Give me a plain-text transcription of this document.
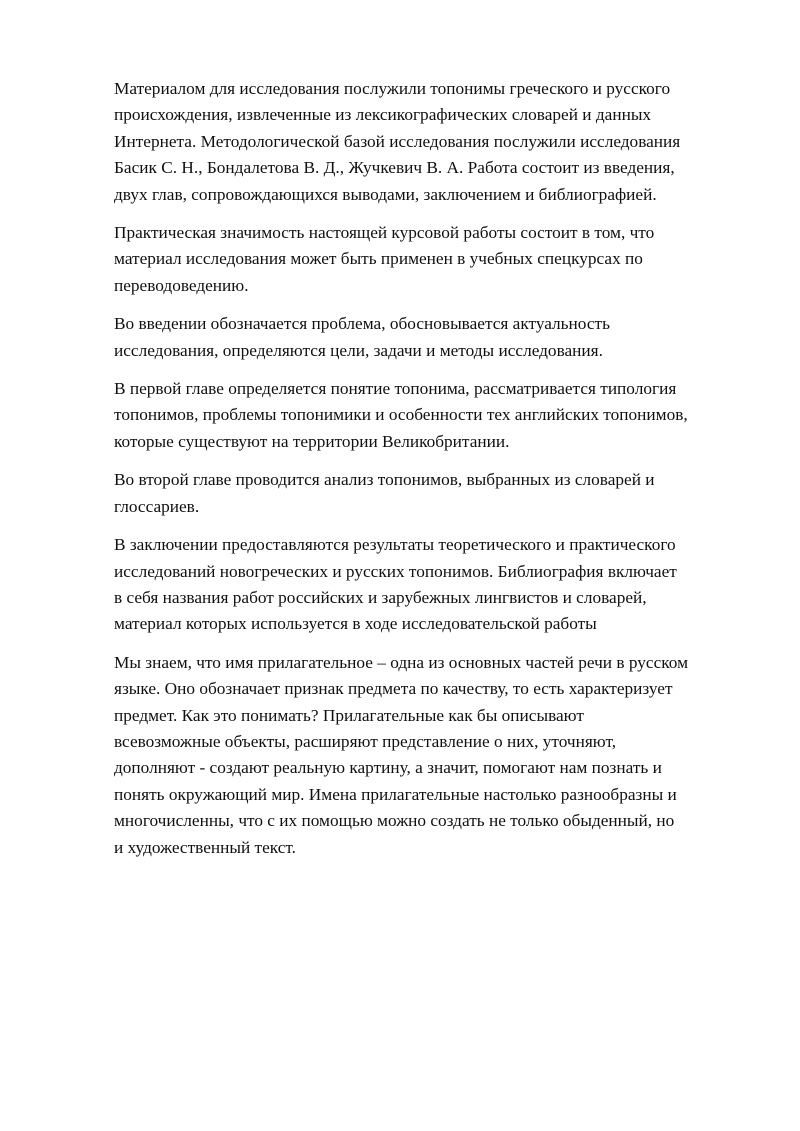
Материалом для исследования послужили топонимы греческого и русского
происхождения, извлеченные из лексикографических словарей и данных
Интернета. Методологической базой исследования послужили исследования
Басик С. Н., Бондалетова В. Д., Жучкевич В. А. Работа состоит из введения,
двух глав, сопровождающихся выводами, заключением и библиографией.

Практическая значимость настоящей курсовой работы состоит в том, что
материал исследования может быть применен в учебных спецкурсах по
переводоведению.

Во введении обозначается проблема, обосновывается актуальность
исследования, определяются цели, задачи и методы исследования.

В первой главе определяется понятие топонима, рассматривается типология
топонимов, проблемы топонимики и особенности тех английских топонимов,
которые существуют на территории Великобритании.

Во второй главе проводится анализ топонимов, выбранных из словарей и
глоссариев.

В заключении предоставляются результаты теоретического и практического
исследований новогреческих и русских топонимов. Библиография включает
в себя названия работ российских и зарубежных лингвистов и словарей,
материал которых используется в ходе исследовательской работы

Мы знаем, что имя прилагательное – одна из основных частей речи в русском
языке. Оно обозначает признак предмета по качеству, то есть характеризует
предмет. Как это понимать? Прилагательные как бы описывают
всевозможные объекты, расширяют представление о них, уточняют,
дополняют - создают реальную картину, а значит, помогают нам познать и
понять окружающий мир. Имена прилагательные настолько разнообразны и
многочисленны, что с их помощью можно создать не только обыденный, но
и художественный текст.
